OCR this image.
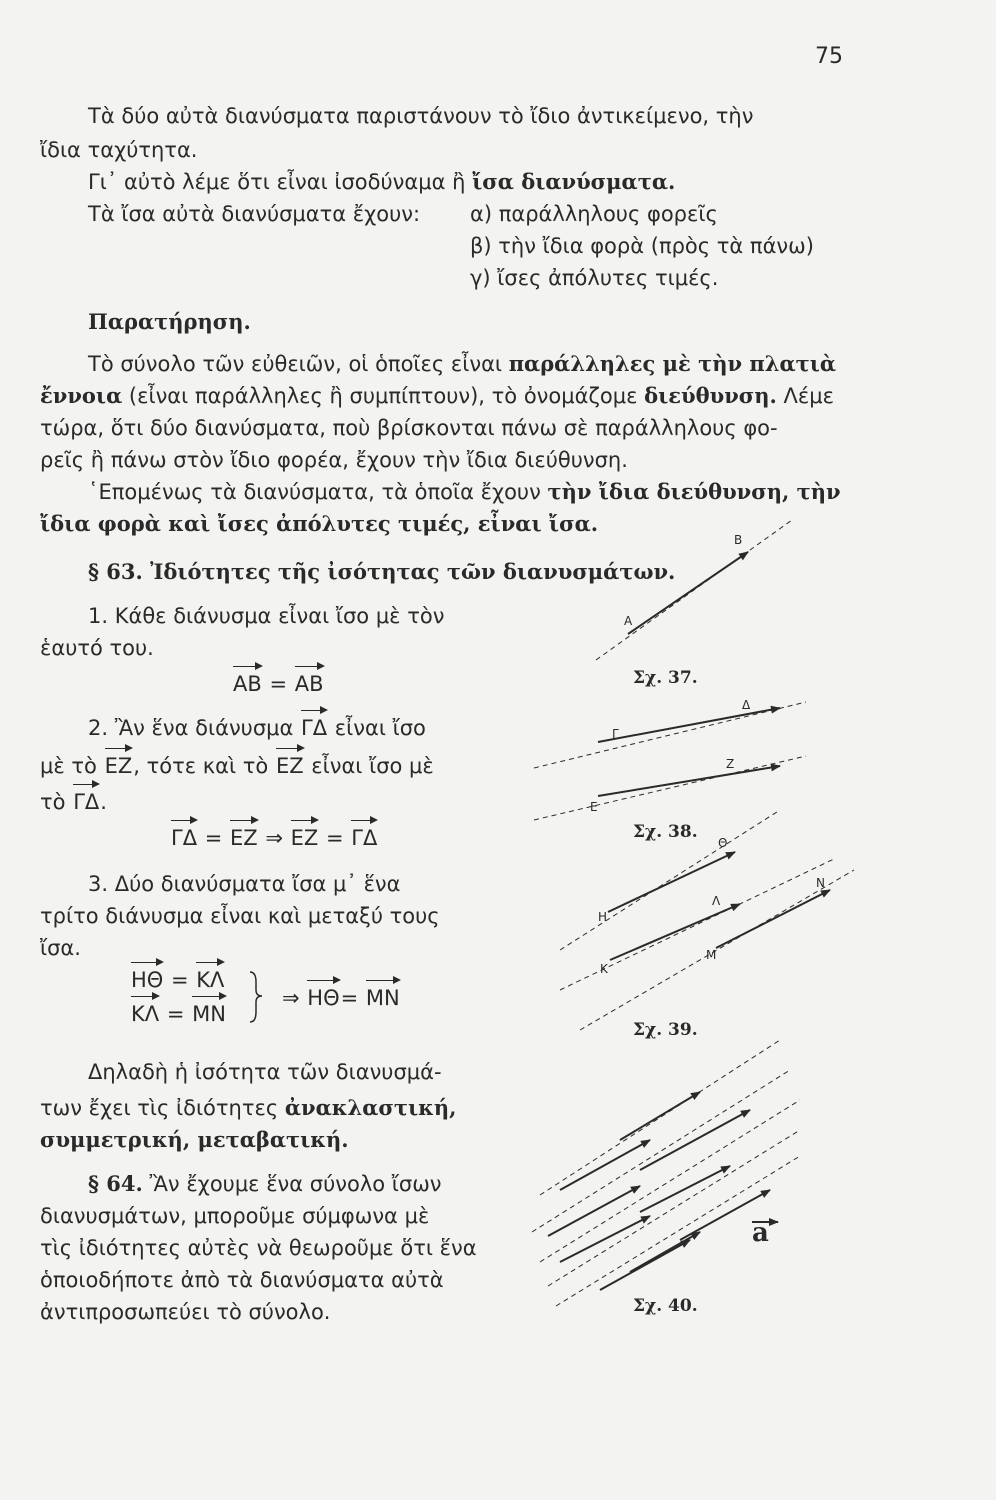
75
Τὰ δύο αὐτὰ διανύσματα παριστάνουν τὸ ἴδιο ἀντικείμενο, τὴν
ἴδια ταχύτητα.
Γι᾽ αὐτὸ λέμε ὅτι εἶναι ἰσοδύναμα ἢ ἴσα διανύσματα.
Τὰ ἴσα αὐτὰ διανύσματα ἔχουν: α) παράλληλους φορεῖς
β) τὴν ἴδια φορὰ (πρὸς τὰ πάνω)
γ) ἴσες ἀπόλυτες τιμές.
Παρατήρηση.
Τὸ σύνολο τῶν εὐθειῶν, οἱ ὁποῖες εἶναι παράλληλες μὲ τὴν πλατιὰ
ἔννοια (εἶναι παράλληλες ἢ συμπίπτουν), τὸ ὀνομάζομε διεύθυνση. Λέμε
τώρα, ὅτι δύο διανύσματα, ποὺ βρίσκονται πάνω σὲ παράλληλους φο-
ρεῖς ἢ πάνω στὸν ἴδιο φορέα, ἔχουν τὴν ἴδια διεύθυνση.
῾Επομένως τὰ διανύσματα, τὰ ὁποῖα ἔχουν τὴν ἴδια διεύθυνση, τὴν
ἴδια φορὰ καὶ ἴσες ἀπόλυτες τιμές, εἶναι ἴσα.
§ 63. Ἰδιότητες τῆς ἰσότητας τῶν διανυσμάτων.
1. Κάθε διάνυσμα εἶναι ἴσο μὲ τὸν
ἑαυτό του.
AB = AB
2. Ἂν ἕνα διάνυσμα ΓΔ εἶναι ἴσο
μὲ τὸ ΕΖ, τότε καὶ τὸ ΕΖ εἶναι ἴσο μὲ
τὸ ΓΔ.
ΓΔ = ΕΖ ⇒ ΕΖ = ΓΔ
3. Δύο διανύσματα ἴσα μ᾽ ἕνα
τρίτο διάνυσμα εἶναι καὶ μεταξύ τους
ἴσα.
HΘ = ΚΛ
ΚΛ = ΜΝ
⇒ HΘ= ΜΝ
Δηλαδὴ ἡ ἰσότητα τῶν διανυσμά-
των ἔχει τὶς ἰδιότητες ἀνακλαστική,
συμμετρική, μεταβατική.
§ 64. Ἂν ἔχουμε ἕνα σύνολο ἴσων
διανυσμάτων, μποροῦμε σύμφωνα μὲ
τὶς ἰδιότητες αὐτὲς νὰ θεωροῦμε ὅτι ἕνα
ὁποιοδήποτε ἀπὸ τὰ διανύσματα αὐτὰ
ἀντιπροσωπεύει τὸ σύνολο.
A
B
Σχ. 37.
Γ
Δ
Ε
Ζ
Σχ. 38.
H
Θ
Κ
Λ
Μ
Ν
Σχ. 39.
a
Σχ. 40.
